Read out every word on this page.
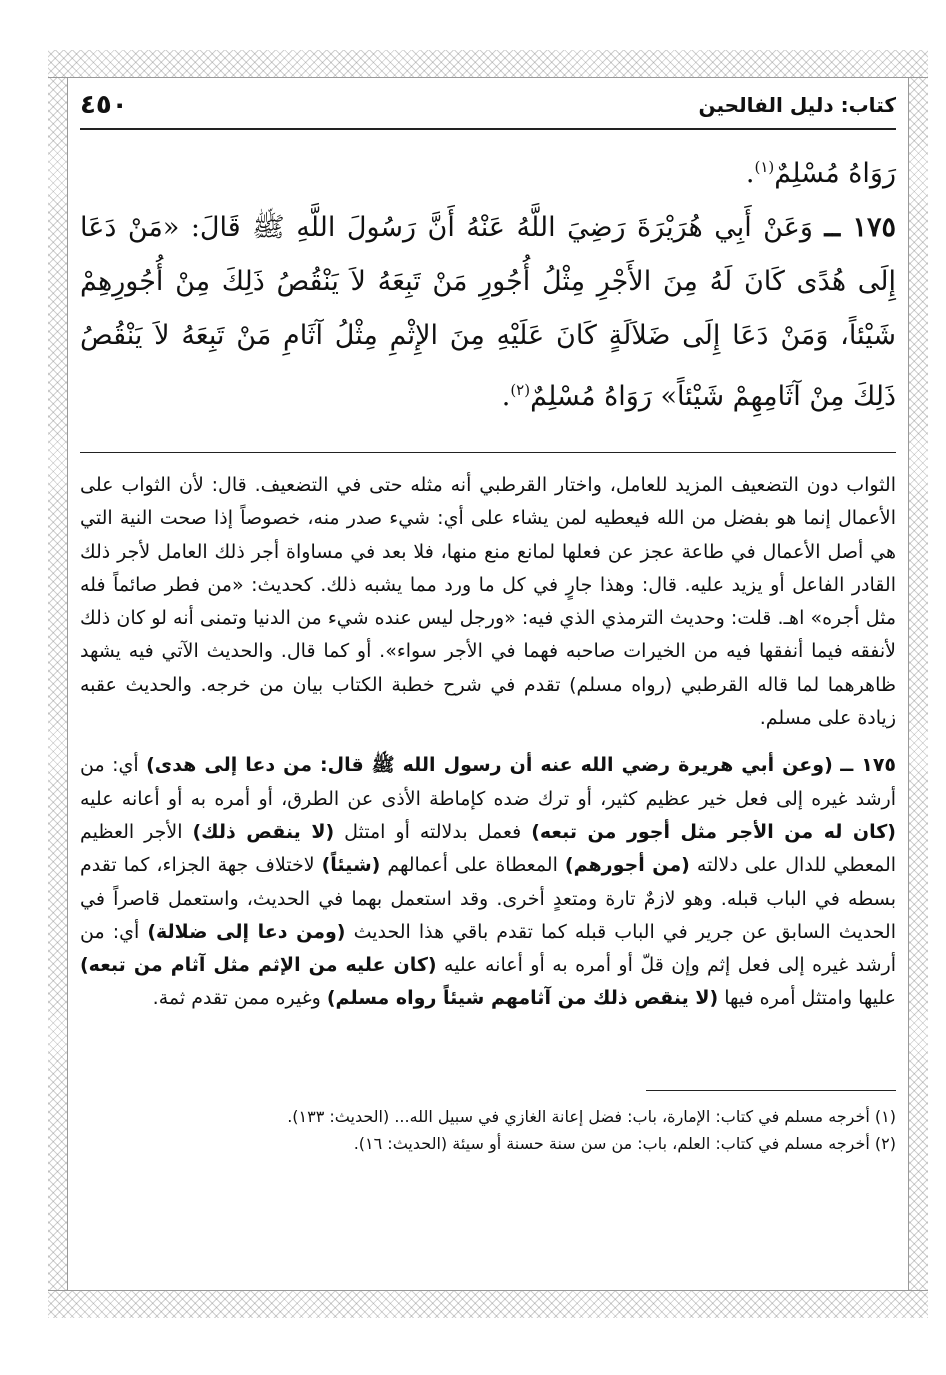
كتاب: دليل الفالحين
٤٥٠

رَوَاهُ مُسْلِمٌ$^{(١)}$.

١٧٥ ــ وَعَنْ أَبِي هُرَيْرَةَ رَضِيَ اللَّهُ عَنْهُ أَنَّ رَسُولَ اللَّهِ ﷺ قَالَ: «مَنْ دَعَا إِلَى هُدًى كَانَ لَهُ مِنَ الأَجْرِ مِثْلُ أُجُورِ مَنْ تَبِعَهُ لاَ يَنْقُصُ ذَلِكَ مِنْ أُجُورِهِمْ شَيْئاً، وَمَنْ دَعَا إِلَى ضَلاَلَةٍ كَانَ عَلَيْهِ مِنَ الإِثْمِ مِثْلُ آثَامِ مَنْ تَبِعَهُ لاَ يَنْقُصُ ذَلِكَ مِنْ آثَامِهِمْ شَيْئاً» رَوَاهُ مُسْلِمٌ$^{(٢)}$.

الثواب دون التضعيف المزيد للعامل، واختار القرطبي أنه مثله حتى في التضعيف. قال: لأن الثواب على الأعمال إنما هو بفضل من الله فيعطيه لمن يشاء على أي: شيء صدر منه، خصوصاً إذا صحت النية التي هي أصل الأعمال في طاعة عجز عن فعلها لمانع منع منها، فلا بعد في مساواة أجر ذلك العامل لأجر ذلك القادر الفاعل أو يزيد عليه. قال: وهذا جارٍ في كل ما ورد مما يشبه ذلك. كحديث: «من فطر صائماً فله مثل أجره» اهـ. قلت: وحديث الترمذي الذي فيه: «ورجل ليس عنده شيء من الدنيا وتمنى أنه لو كان ذلك لأنفقه فيما أنفقها فيه من الخيرات صاحبه فهما في الأجر سواء». أو كما قال. والحديث الآتي فيه يشهد ظاهرهما لما قاله القرطبي (رواه مسلم) تقدم في شرح خطبة الكتاب بيان من خرجه. والحديث عقبه زيادة على مسلم.

١٧٥ ــ (وعن أبي هريرة رضي الله عنه أن رسول الله ﷺ قال: من دعا إلى هدى) أي: من أرشد غيره إلى فعل خير عظيم كثير، أو ترك ضده كإماطة الأذى عن الطرق، أو أمره به أو أعانه عليه (كان له من الأجر مثل أجور من تبعه) فعمل بدلالته أو امتثل (لا ينقص ذلك) الأجر العظيم المعطي للدال على دلالته (من أجورهم) المعطاة على أعمالهم (شيئاً) لاختلاف جهة الجزاء، كما تقدم بسطه في الباب قبله. وهو لازمٌ تارة ومتعدٍ أخرى. وقد استعمل بهما في الحديث، واستعمل قاصراً في الحديث السابق عن جرير في الباب قبله كما تقدم باقي هذا الحديث (ومن دعا إلى ضلالة) أي: من أرشد غيره إلى فعل إثم وإن قلّ أو أمره به أو أعانه عليه (كان عليه من الإثم مثل آثام من تبعه) عليها وامتثل أمره فيها (لا ينقص ذلك من آثامهم شيئاً رواه مسلم) وغيره ممن تقدم ثمة.

(١) أخرجه مسلم في كتاب: الإمارة، باب: فضل إعانة الغازي في سبيل الله... (الحديث: ١٣٣).

(٢) أخرجه مسلم في كتاب: العلم، باب: من سن سنة حسنة أو سيئة (الحديث: ١٦).
